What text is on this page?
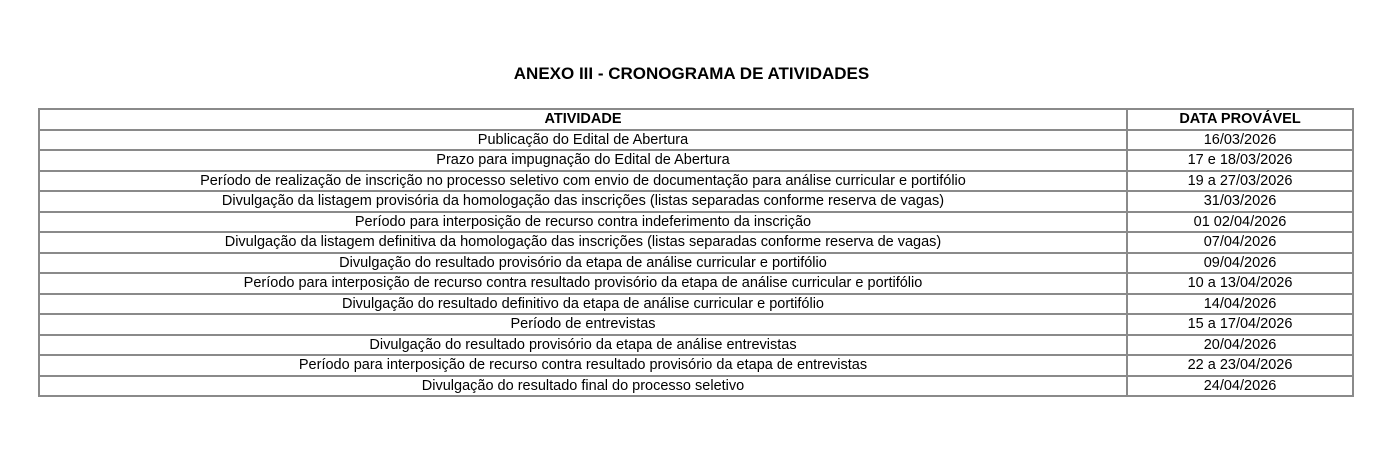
ANEXO III - CRONOGRAMA DE ATIVIDADES
ATIVIDADE	DATA PROVÁVEL
Publicação do Edital de Abertura	16/03/2026
Prazo para impugnação do Edital de Abertura	17 e 18/03/2026
Período de realização de inscrição no processo seletivo com envio de documentação para análise curricular e portifólio	19 a 27/03/2026
Divulgação da listagem provisória da homologação das inscrições (listas separadas conforme reserva de vagas)	31/03/2026
Período para interposição de recurso contra indeferimento da inscrição	01 02/04/2026
Divulgação da listagem definitiva da homologação das inscrições (listas separadas conforme reserva de vagas)	07/04/2026
Divulgação do resultado provisório da etapa de análise curricular e portifólio	09/04/2026
Período para interposição de recurso contra resultado provisório da etapa de análise curricular e portifólio	10 a 13/04/2026
Divulgação do resultado definitivo da etapa de análise curricular e portifólio	14/04/2026
Período de entrevistas	15 a 17/04/2026
Divulgação do resultado provisório da etapa de análise entrevistas	20/04/2026
Período para interposição de recurso contra resultado provisório da etapa de entrevistas	22 a 23/04/2026
Divulgação do resultado final do processo seletivo	24/04/2026
